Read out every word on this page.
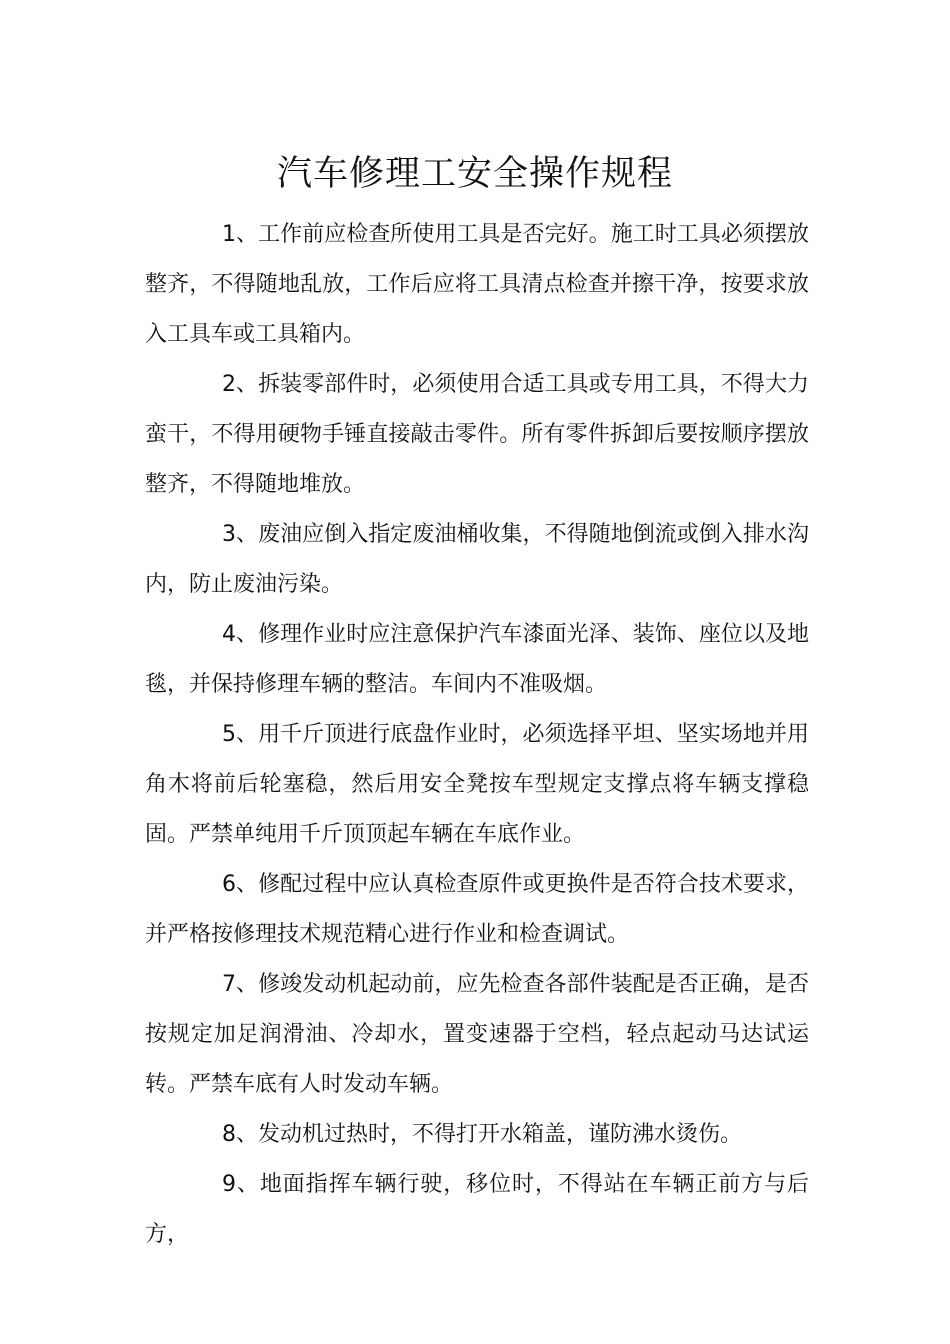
汽车修理工安全操作规程

1、工作前应检查所使用工具是否完好。施工时工具必须摆放整齐，不得随地乱放，工作后应将工具清点检查并擦干净，按要求放入工具车或工具箱内。

2、拆装零部件时，必须使用合适工具或专用工具，不得大力蛮干，不得用硬物手锤直接敲击零件。所有零件拆卸后要按顺序摆放整齐，不得随地堆放。

3、废油应倒入指定废油桶收集，不得随地倒流或倒入排水沟内，防止废油污染。

4、修理作业时应注意保护汽车漆面光泽、装饰、座位以及地毯，并保持修理车辆的整洁。车间内不准吸烟。

5、用千斤顶进行底盘作业时，必须选择平坦、坚实场地并用角木将前后轮塞稳，然后用安全凳按车型规定支撑点将车辆支撑稳固。严禁单纯用千斤顶顶起车辆在车底作业。

6、修配过程中应认真检查原件或更换件是否符合技术要求，并严格按修理技术规范精心进行作业和检查调试。

7、修竣发动机起动前，应先检查各部件装配是否正确，是否按规定加足润滑油、冷却水，置变速器于空档，轻点起动马达试运转。严禁车底有人时发动车辆。

8、发动机过热时，不得打开水箱盖，谨防沸水烫伤。

9、地面指挥车辆行驶，移位时，不得站在车辆正前方与后方，
